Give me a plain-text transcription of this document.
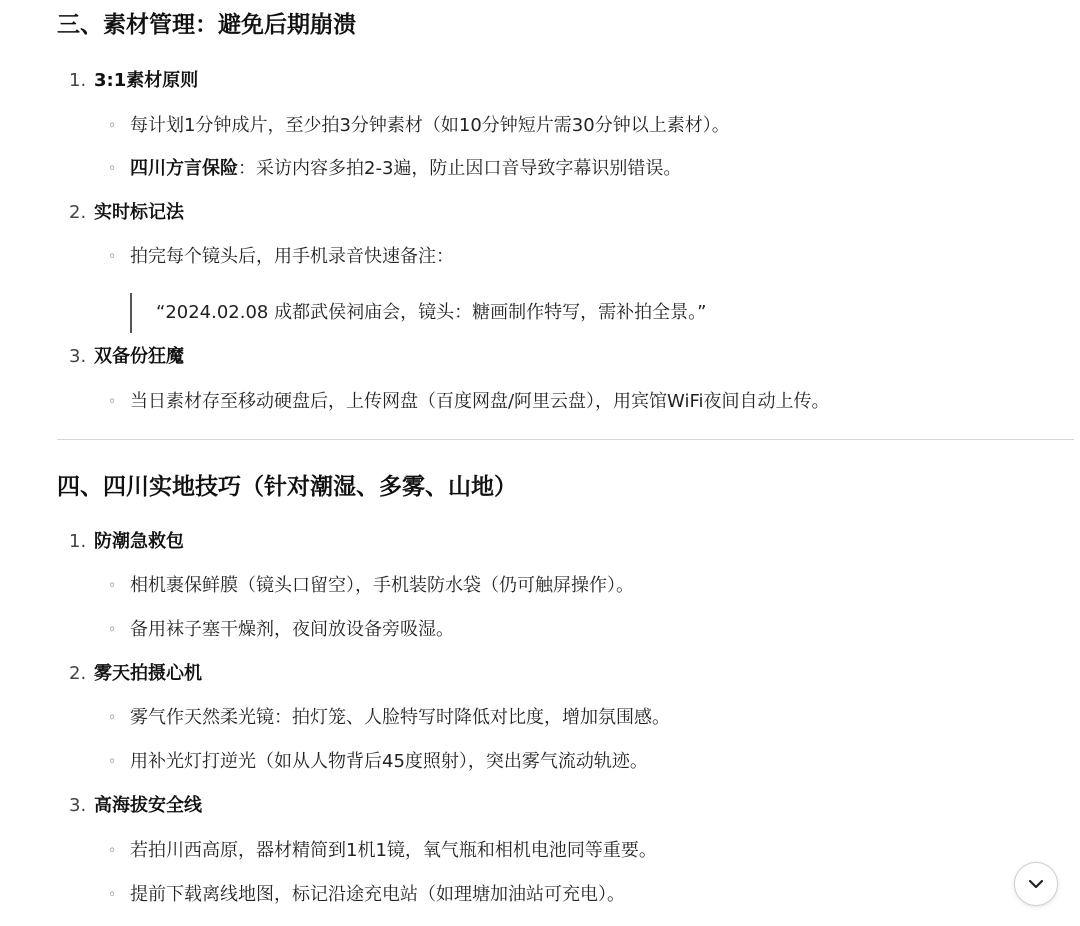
三、素材管理：避免后期崩溃
1. 3:1素材原则
◦ 每计划1分钟成片，至少拍3分钟素材（如10分钟短片需30分钟以上素材）。
◦ 四川方言保险：采访内容多拍2-3遍，防止因口音导致字幕识别错误。
2. 实时标记法
◦ 拍完每个镜头后，用手机录音快速备注：
“2024.02.08 成都武侯祠庙会，镜头：糖画制作特写，需补拍全景。”
3. 双备份狂魔
◦ 当日素材存至移动硬盘后，上传网盘（百度网盘/阿里云盘），用宾馆WiFi夜间自动上传。
四、四川实地技巧（针对潮湿、多雾、山地）
1. 防潮急救包
◦ 相机裹保鲜膜（镜头口留空），手机装防水袋（仍可触屏操作）。
◦ 备用袜子塞干燥剂，夜间放设备旁吸湿。
2. 雾天拍摄心机
◦ 雾气作天然柔光镜：拍灯笼、人脸特写时降低对比度，增加氛围感。
◦ 用补光灯打逆光（如从人物背后45度照射），突出雾气流动轨迹。
3. 高海拔安全线
◦ 若拍川西高原，器材精简到1机1镜，氧气瓶和相机电池同等重要。
◦ 提前下载离线地图，标记沿途充电站（如理塘加油站可充电）。
